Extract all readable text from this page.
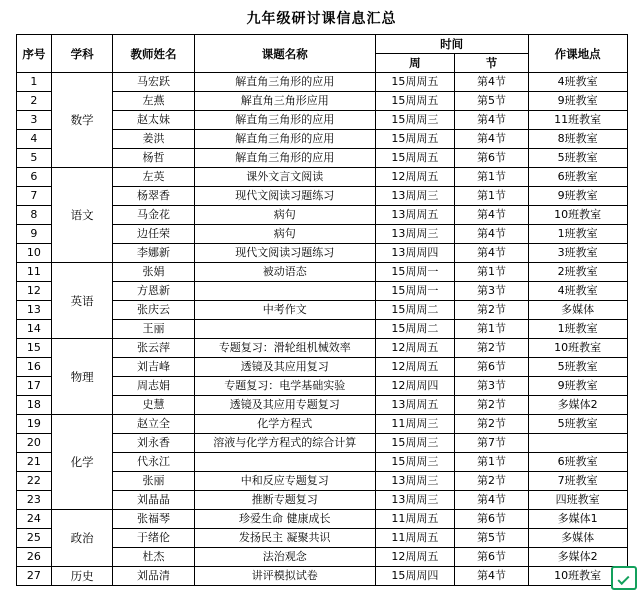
九年级研讨课信息汇总
序号	学科	教师姓名	课题名称	时间		作课地点
				周	节	
1	数学	马宏跃	解直角三角形的应用	15周周五	第4节	4班教室
2		左燕	解直角三角形应用	15周周五	第5节	9班教室
3		赵太妹	解直角三角形的应用	15周周三	第4节	11班教室
4		姜洪	解直角三角形的应用	15周周五	第4节	8班教室
5		杨哲	解直角三角形的应用	15周周五	第6节	5班教室
6	语文	左英	课外文言文阅读	12周周五	第1节	6班教室
7		杨翠香	现代文阅读习题练习	13周周三	第1节	9班教室
8		马金花	病句	13周周五	第4节	10班教室
9		边任荣	病句	13周周三	第4节	1班教室
10		李娜新	现代文阅读习题练习	13周周四	第4节	3班教室
11	英语	张娟	被动语态	15周周一	第1节	2班教室
12		方恩新		15周周一	第3节	4班教室
13		张庆云	中考作文	15周周二	第2节	多媒体
14		王丽		15周周二	第1节	1班教室
15	物理	张云萍	专题复习：滑轮组机械效率	12周周五	第2节	10班教室
16		刘吉峰	透镜及其应用复习	12周周五	第6节	5班教室
17		周志娟	专题复习：电学基础实验	12周周四	第3节	9班教室
18		史慧	透镜及其应用专题复习	13周周五	第2节	多媒体2
19	化学	赵立全	化学方程式	11周周三	第2节	5班教室
20		刘永香	溶液与化学方程式的综合计算	15周周三	第7节	
21		代永江		15周周三	第1节	6班教室
22		张丽	中和反应专题复习	13周周三	第2节	7班教室
23		刘晶晶	推断专题复习	13周周三	第4节	四班教室
24	政治	张福琴	珍爱生命 健康成长	11周周五	第6节	多媒体1
25		于绪伦	发扬民主 凝聚共识	11周周五	第5节	多媒体
26		杜杰	法治观念	12周周五	第6节	多媒体2
27	历史	刘品清	讲评模拟试卷	15周周四	第4节	10班教室
